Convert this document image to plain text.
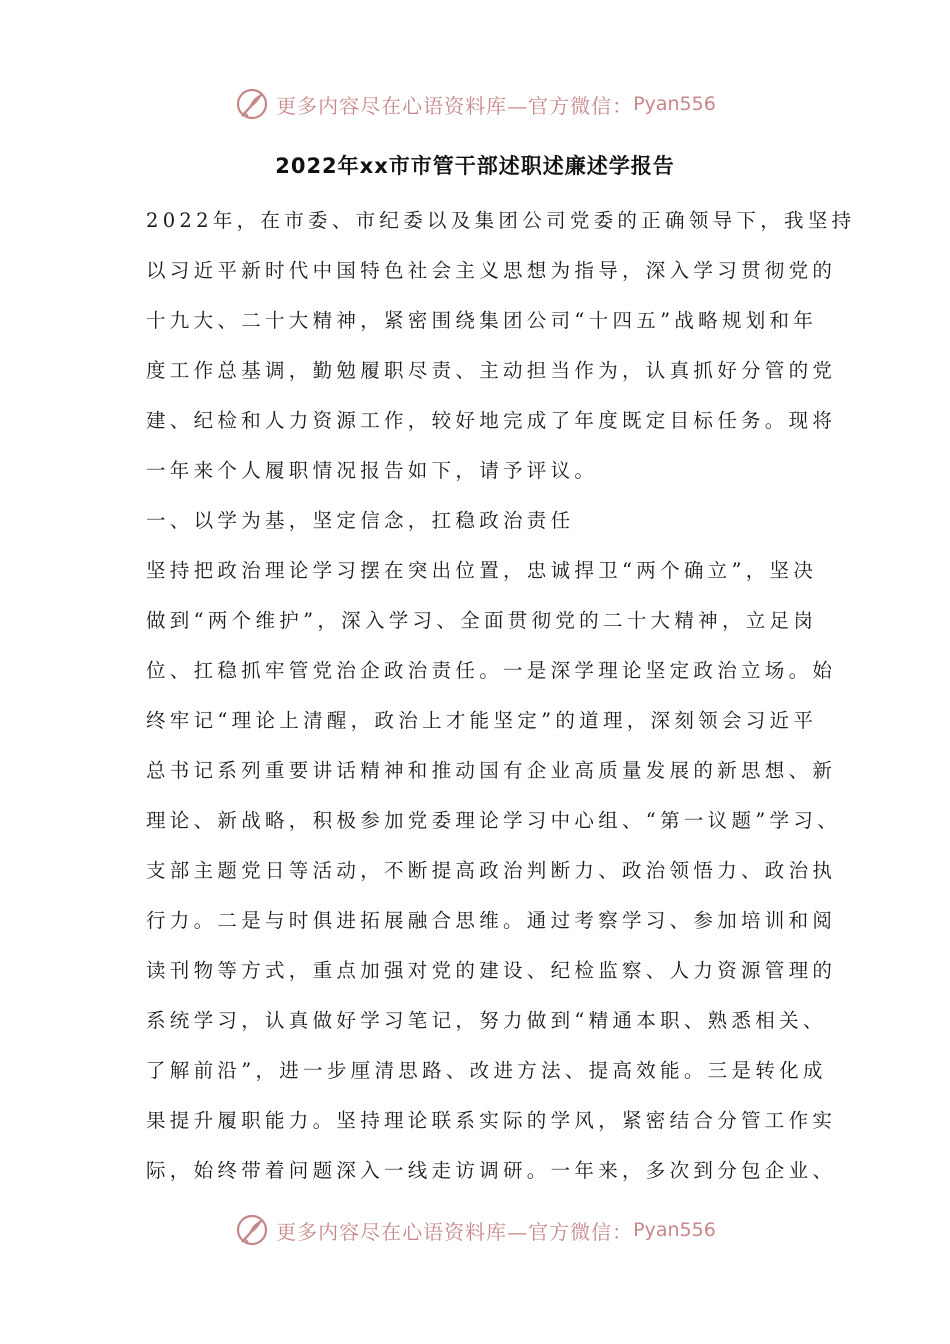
更多内容尽在心语资料库—官方微信： Pyan556
2022年xx市市管干部述职述廉述学报告
2022年，在市委、市纪委以及集团公司党委的正确领导下，我坚持
以习近平新时代中国特色社会主义思想为指导，深入学习贯彻党的
十九大、二十大精神，紧密围绕集团公司“十四五”战略规划和年
度工作总基调，勤勉履职尽责、主动担当作为，认真抓好分管的党
建、纪检和人力资源工作，较好地完成了年度既定目标任务。现将
一年来个人履职情况报告如下，请予评议。
一、以学为基，坚定信念，扛稳政治责任
坚持把政治理论学习摆在突出位置，忠诚捍卫“两个确立”，坚决
做到“两个维护”，深入学习、全面贯彻党的二十大精神，立足岗
位、扛稳抓牢管党治企政治责任。一是深学理论坚定政治立场。始
终牢记“理论上清醒，政治上才能坚定”的道理，深刻领会习近平
总书记系列重要讲话精神和推动国有企业高质量发展的新思想、新
理论、新战略，积极参加党委理论学习中心组、“第一议题”学习、
支部主题党日等活动，不断提高政治判断力、政治领悟力、政治执
行力。二是与时俱进拓展融合思维。通过考察学习、参加培训和阅
读刊物等方式，重点加强对党的建设、纪检监察、人力资源管理的
系统学习，认真做好学习笔记，努力做到“精通本职、熟悉相关、
了解前沿”，进一步厘清思路、改进方法、提高效能。三是转化成
果提升履职能力。坚持理论联系实际的学风，紧密结合分管工作实
际，始终带着问题深入一线走访调研。一年来，多次到分包企业、
更多内容尽在心语资料库—官方微信： Pyan556
